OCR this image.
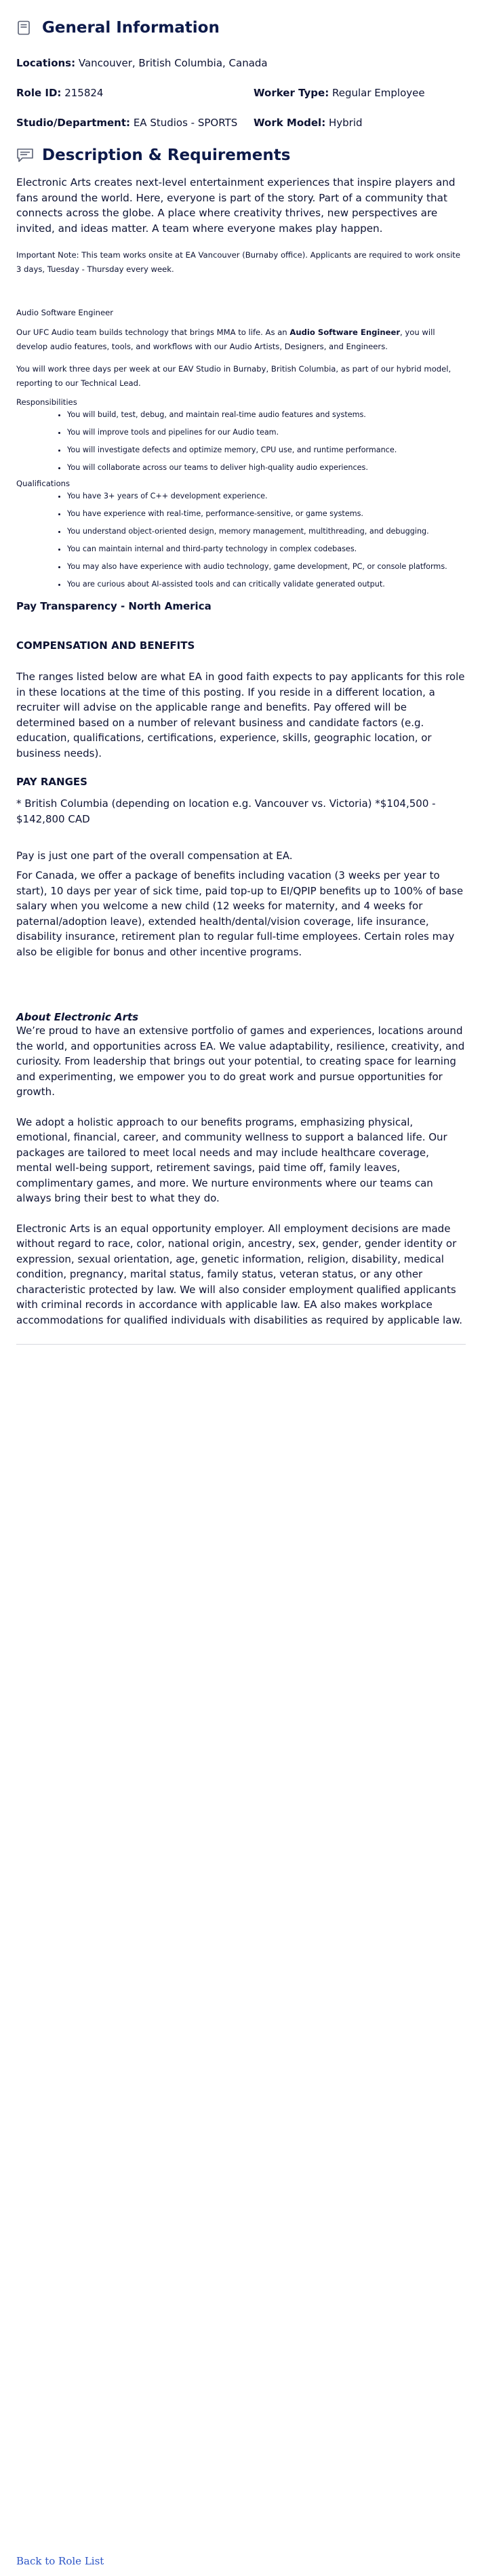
General Information
Locations: Vancouver, British Columbia, Canada
Role ID: 215824	Worker Type: Regular Employee
Studio/Department: EA Studios - SPORTS	Work Model: Hybrid
Description & Requirements

Electronic Arts creates next-level entertainment experiences that inspire players and fans around the world. Here, everyone is part of the story. Part of a community that connects across the globe. A place where creativity thrives, new perspectives are invited, and ideas matter. A team where everyone makes play happen.

Important Note: This team works onsite at EA Vancouver (Burnaby office). Applicants are required to work onsite 3 days, Tuesday - Thursday every week.

Audio Software Engineer

Our UFC Audio team builds technology that brings MMA to life. As an Audio Software Engineer, you will develop audio features, tools, and workflows with our Audio Artists, Designers, and Engineers.

You will work three days per week at our EAV Studio in Burnaby, British Columbia, as part of our hybrid model, reporting to our Technical Lead.

Responsibilities

• You will build, test, debug, and maintain real-time audio features and systems.
• You will improve tools and pipelines for our Audio team.
• You will investigate defects and optimize memory, CPU use, and runtime performance.
• You will collaborate across our teams to deliver high-quality audio experiences.

Qualifications

• You have 3+ years of C++ development experience.
• You have experience with real-time, performance-sensitive, or game systems.
• You understand object-oriented design, memory management, multithreading, and debugging.
• You can maintain internal and third-party technology in complex codebases.
• You may also have experience with audio technology, game development, PC, or console platforms.
• You are curious about AI-assisted tools and can critically validate generated output.

Pay Transparency - North America

COMPENSATION AND BENEFITS

The ranges listed below are what EA in good faith expects to pay applicants for this role in these locations at the time of this posting. If you reside in a different location, a recruiter will advise on the applicable range and benefits. Pay offered will be determined based on a number of relevant business and candidate factors (e.g. education, qualifications, certifications, experience, skills, geographic location, or business needs).

PAY RANGES

* British Columbia (depending on location e.g. Vancouver vs. Victoria) *$104,500 - $142,800 CAD

Pay is just one part of the overall compensation at EA.

For Canada, we offer a package of benefits including vacation (3 weeks per year to start), 10 days per year of sick time, paid top-up to EI/QPIP benefits up to 100% of base salary when you welcome a new child (12 weeks for maternity, and 4 weeks for paternal/adoption leave), extended health/dental/vision coverage, life insurance, disability insurance, retirement plan to regular full-time employees. Certain roles may also be eligible for bonus and other incentive programs.

About Electronic Arts

We’re proud to have an extensive portfolio of games and experiences, locations around the world, and opportunities across EA. We value adaptability, resilience, creativity, and curiosity. From leadership that brings out your potential, to creating space for learning and experimenting, we empower you to do great work and pursue opportunities for growth.

We adopt a holistic approach to our benefits programs, emphasizing physical, emotional, financial, career, and community wellness to support a balanced life. Our packages are tailored to meet local needs and may include healthcare coverage, mental well-being support, retirement savings, paid time off, family leaves, complimentary games, and more. We nurture environments where our teams can always bring their best to what they do.

Electronic Arts is an equal opportunity employer. All employment decisions are made without regard to race, color, national origin, ancestry, sex, gender, gender identity or expression, sexual orientation, age, genetic information, religion, disability, medical condition, pregnancy, marital status, family status, veteran status, or any other characteristic protected by law. We will also consider employment qualified applicants with criminal records in accordance with applicable law. EA also makes workplace accommodations for qualified individuals with disabilities as required by applicable law.

Back to Role List
